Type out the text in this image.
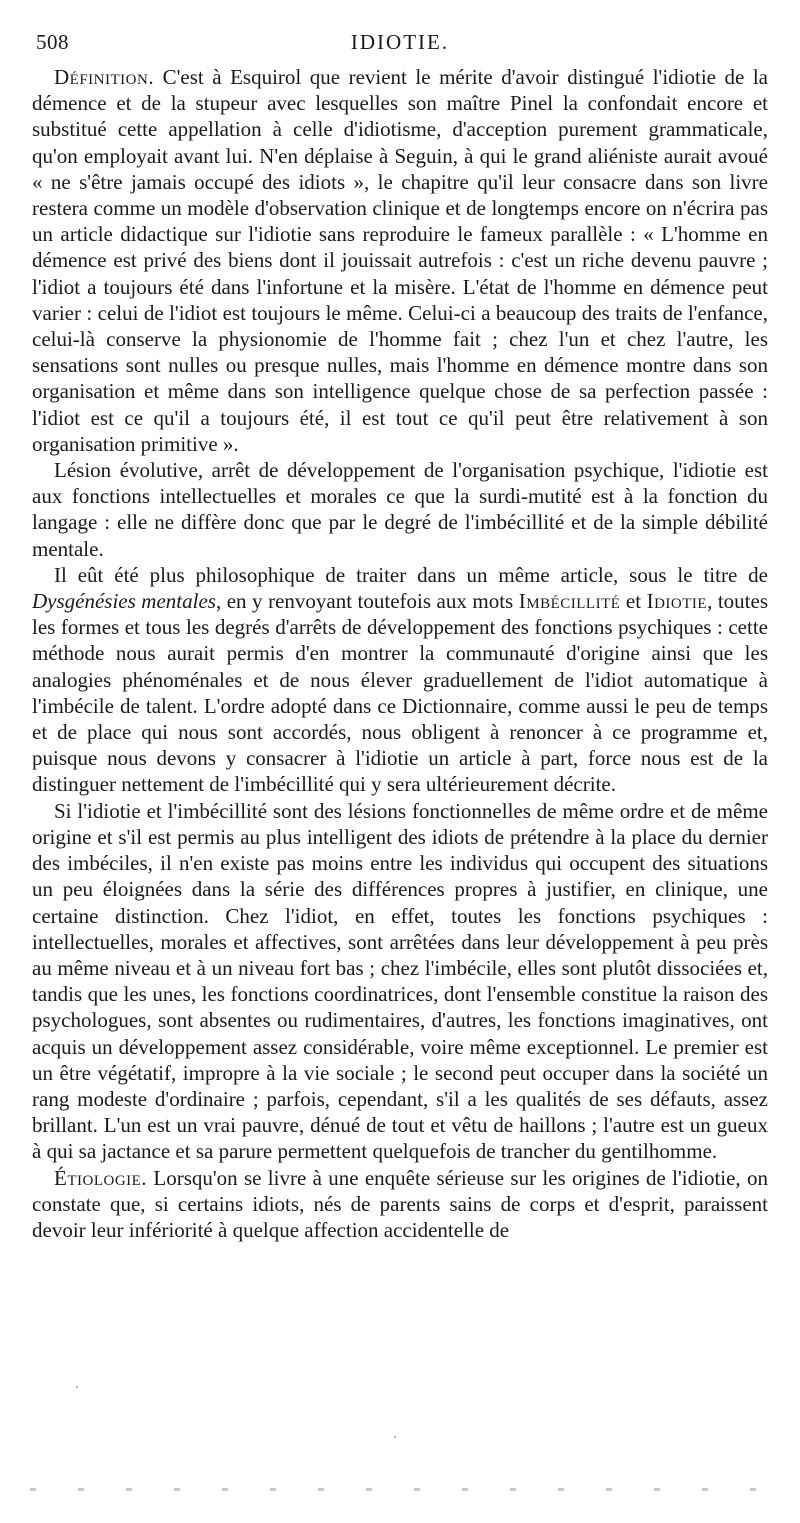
508	IDIOTIE.

Définition. C'est à Esquirol que revient le mérite d'avoir distingué l'idiotie de la démence et de la stupeur avec lesquelles son maître Pinel la confondait encore et substitué cette appellation à celle d'idiotisme, d'acception purement grammaticale, qu'on employait avant lui. N'en déplaise à Seguin, à qui le grand aliéniste aurait avoué « ne s'être jamais occupé des idiots », le chapitre qu'il leur consacre dans son livre restera comme un modèle d'observation clinique et de longtemps encore on n'écrira pas un article didactique sur l'idiotie sans reproduire le fameux parallèle : « L'homme en démence est privé des biens dont il jouissait autrefois : c'est un riche devenu pauvre ; l'idiot a toujours été dans l'infortune et la misère. L'état de l'homme en démence peut varier : celui de l'idiot est toujours le même. Celui-ci a beaucoup des traits de l'enfance, celui-là conserve la physionomie de l'homme fait ; chez l'un et chez l'autre, les sensations sont nulles ou presque nulles, mais l'homme en démence montre dans son organisation et même dans son intelligence quelque chose de sa perfection passée : l'idiot est ce qu'il a toujours été, il est tout ce qu'il peut être relativement à son organisation primitive ».

Lésion évolutive, arrêt de développement de l'organisation psychique, l'idiotie est aux fonctions intellectuelles et morales ce que la surdi-mutité est à la fonction du langage : elle ne diffère donc que par le degré de l'imbécillité et de la simple débilité mentale.

Il eût été plus philosophique de traiter dans un même article, sous le titre de Dysgénésies mentales, en y renvoyant toutefois aux mots Imbécillité et Idiotie, toutes les formes et tous les degrés d'arrêts de développement des fonctions psychiques : cette méthode nous aurait permis d'en montrer la communauté d'origine ainsi que les analogies phénoménales et de nous élever graduellement de l'idiot automatique à l'imbécile de talent. L'ordre adopté dans ce Dictionnaire, comme aussi le peu de temps et de place qui nous sont accordés, nous obligent à renoncer à ce programme et, puisque nous devons y consacrer à l'idiotie un article à part, force nous est de la distinguer nettement de l'imbécillité qui y sera ultérieurement décrite.

Si l'idiotie et l'imbécillité sont des lésions fonctionnelles de même ordre et de même origine et s'il est permis au plus intelligent des idiots de prétendre à la place du dernier des imbéciles, il n'en existe pas moins entre les individus qui occupent des situations un peu éloignées dans la série des différences propres à justifier, en clinique, une certaine distinction. Chez l'idiot, en effet, toutes les fonctions psychiques : intellectuelles, morales et affectives, sont arrêtées dans leur développement à peu près au même niveau et à un niveau fort bas ; chez l'imbécile, elles sont plutôt dissociées et, tandis que les unes, les fonctions coordinatrices, dont l'ensemble constitue la raison des psychologues, sont absentes ou rudimentaires, d'autres, les fonctions imaginatives, ont acquis un développement assez considérable, voire même exceptionnel. Le premier est un être végétatif, impropre à la vie sociale ; le second peut occuper dans la société un rang modeste d'ordinaire ; parfois, cependant, s'il a les qualités de ses défauts, assez brillant. L'un est un vrai pauvre, dénué de tout et vêtu de haillons ; l'autre est un gueux à qui sa jactance et sa parure permettent quelquefois de trancher du gentilhomme.

Étiologie. Lorsqu'on se livre à une enquête sérieuse sur les origines de l'idiotie, on constate que, si certains idiots, nés de parents sains de corps et d'esprit, paraissent devoir leur infériorité à quelque affection accidentelle de
